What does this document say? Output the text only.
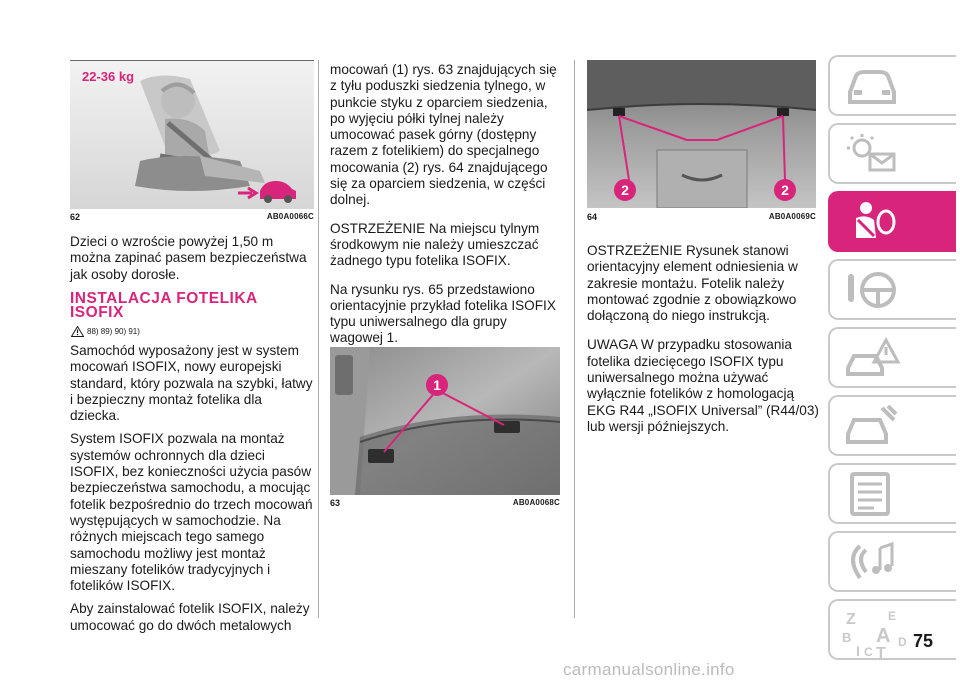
22-36 kg
62	AB0A0066C

Dzieci o wzroście powyżej 1,50 m można zapinać pasem bezpieczeństwa jak osoby dorosłe.

INSTALACJA FOTELIKA
ISOFIX
88) 89) 90) 91)

Samochód wyposażony jest w system mocowań ISOFIX, nowy europejski standard, który pozwala na szybki, łatwy i bezpieczny montaż fotelika dla dziecka.

System ISOFIX pozwala na montaż systemów ochronnych dla dzieci ISOFIX, bez konieczności użycia pasów bezpieczeństwa samochodu, a mocując fotelik bezpośrednio do trzech mocowań występujących w samochodzie. Na różnych miejscach tego samego samochodu możliwy jest montaż mieszany fotelików tradycyjnych i fotelików ISOFIX.

Aby zainstalować fotelik ISOFIX, należy umocować go do dwóch metalowych

mocowań (1) rys. 63 znajdujących się z tyłu poduszki siedzenia tylnego, w punkcie styku z oparciem siedzenia, po wyjęciu półki tylnej należy umocować pasek górny (dostępny razem z fotelikiem) do specjalnego mocowania (2) rys. 64 znajdującego się za oparciem siedzenia, w części dolnej.

OSTRZEŻENIE Na miejscu tylnym środkowym nie należy umieszczać żadnego typu fotelika ISOFIX.

Na rysunku rys. 65 przedstawiono orientacyjnie przykład fotelika ISOFIX typu uniwersalnego dla grupy wagowej 1.

1
63	AB0A0068C
2	2
64	AB0A0069C

OSTRZEŻENIE Rysunek stanowi orientacyjny element odniesienia w zakresie montażu. Fotelik należy montować zgodnie z obowiązkowo dołączoną do niego instrukcją.

UWAGA W przypadku stosowania fotelika dziecięcego ISOFIX typu uniwersalnego można używać wyłącznie fotelików z homologacją EKG R44 „ISOFIX Universal” (R44/03) lub wersji późniejszych.

Z	E
B A
I C T
D 75
carmanualsonline.info
